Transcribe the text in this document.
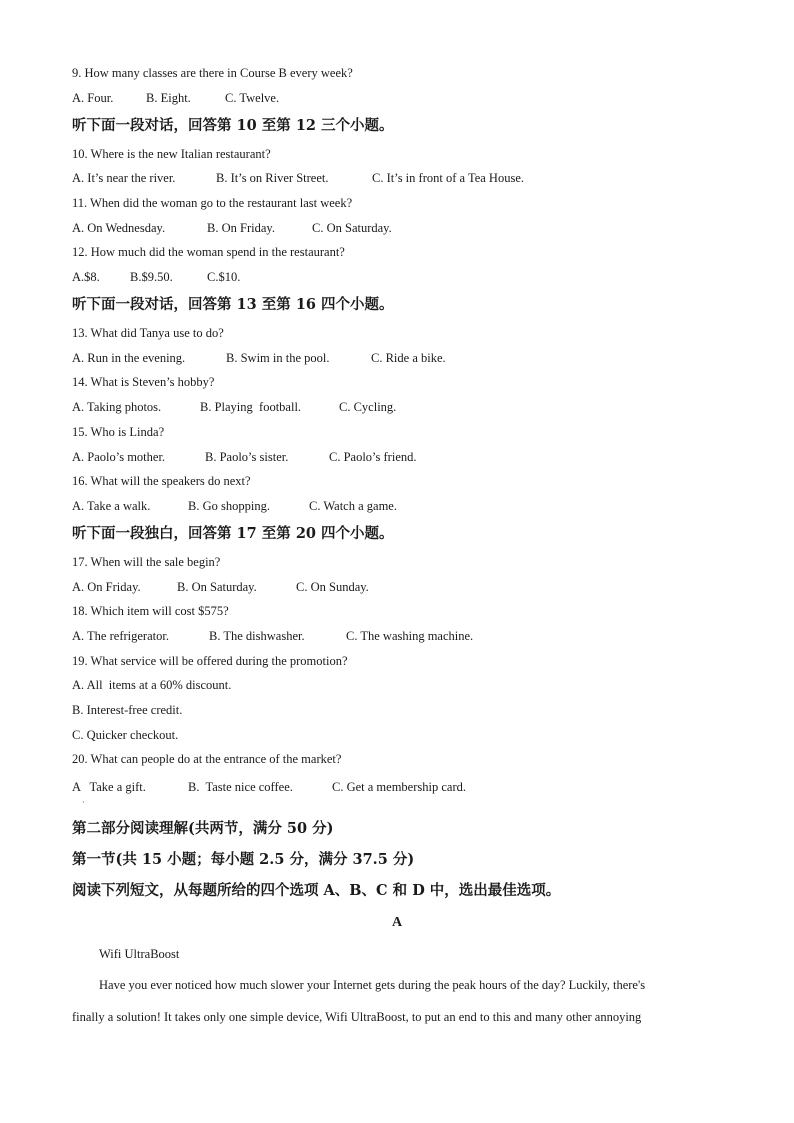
9. How many classes are there in Course B every week?
A. Four.	B. Eight.	C. Twelve.
听下面一段对话，回答第 10 至第 12 三个小题。
10. Where is the new Italian restaurant?
A. It’s near the river.	B. It’s on River Street.	C. It’s in front of a Tea House.
11. When did the woman go to the restaurant last week?
A. On Wednesday.	B. On Friday.	C. On Saturday.
12. How much did the woman spend in the restaurant?
A.$8. B.$9.50.	C.$10.
听下面一段对话，回答第 13 至第 16 四个小题。
13. What did Tanya use to do?
A. Run in the evening.	B. Swim in the pool.	C. Ride a bike.
14. What is Steven’s hobby?
A. Taking photos.	B. Playing  football.	C. Cycling.
15. Who is Linda?
A. Paolo’s mother.	B. Paolo’s sister.	C. Paolo’s friend.
16. What will the speakers do next?
A. Take a walk.	B. Go shopping.	C. Watch a game.
听下面一段独白，回答第 17 至第 20 四个小题。
17. When will the sale begin?
A. On Friday.	B. On Saturday.	C. On Sunday.
18. Which item will cost $575?
A. The refrigerator.	B. The dishwasher.	C. The washing machine.
19. What service will be offered during the promotion?
A. All  items at a 60% discount.
B. Interest-free credit.
C. Quicker checkout.
20. What can people do at the entrance of the market?
A   Take a gift.	B.  Taste nice coffee.	C. Get a membership card.
·
第二部分阅读理解(共两节，满分 50 分)
第一节(共 15 小题；每小题 2.5 分，满分 37.5 分)
阅读下列短文，从每题所给的四个选项 A、B、C 和 D 中，选出最佳选项。
A
Wifi UltraBoost
Have you ever noticed how much slower your Internet gets during the peak hours of the day? Luckily, there's
finally a solution! It takes only one simple device, Wifi UltraBoost, to put an end to this and many other annoying
